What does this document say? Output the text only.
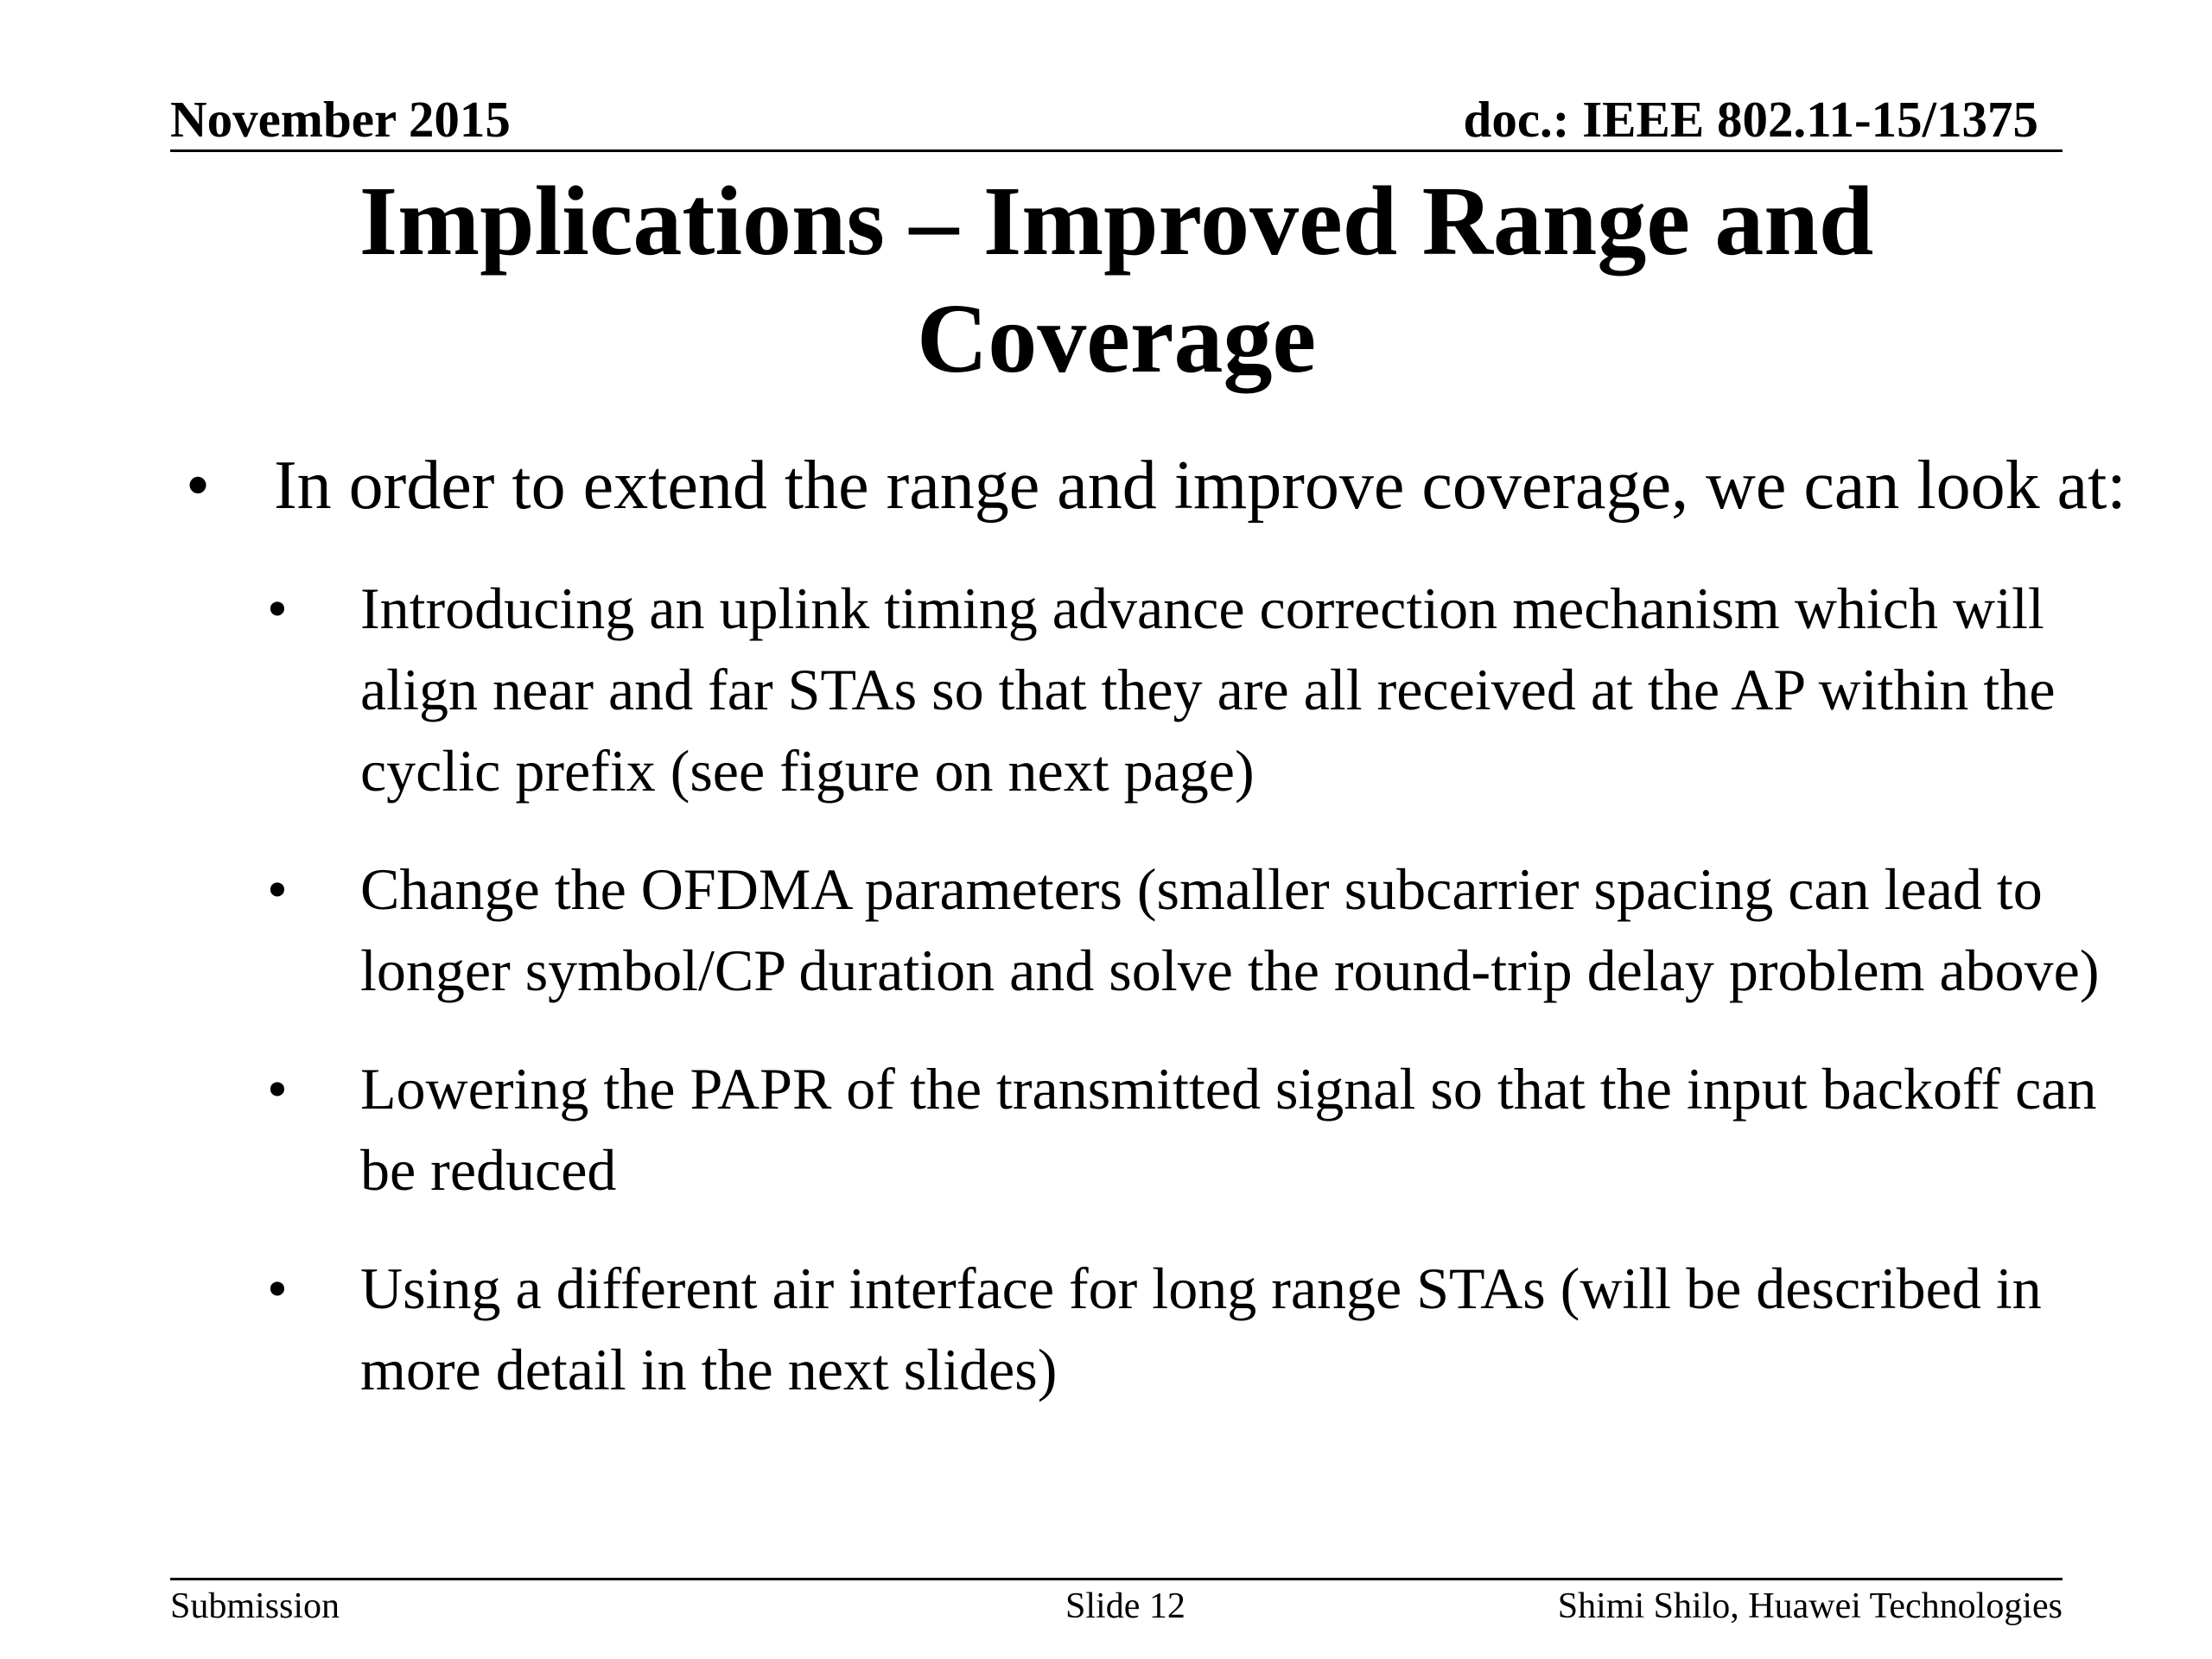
November 2015	doc.: IEEE 802.11-15/1375
Implications – Improved Range and Coverage

• In order to extend the range and improve coverage, we can look at:

• Introducing an uplink timing advance correction mechanism which will align near and far STAs so that they are all received at the AP within the cyclic prefix (see figure on next page)

• Change the OFDMA parameters (smaller subcarrier spacing can lead to longer symbol/CP duration and solve the round-trip delay problem above)

• Lowering the PAPR of the transmitted signal so that the input backoff can be reduced

• Using a different air interface for long range STAs (will be described in more detail in the next slides)

Submission	Slide 12	Shimi Shilo, Huawei Technologies
